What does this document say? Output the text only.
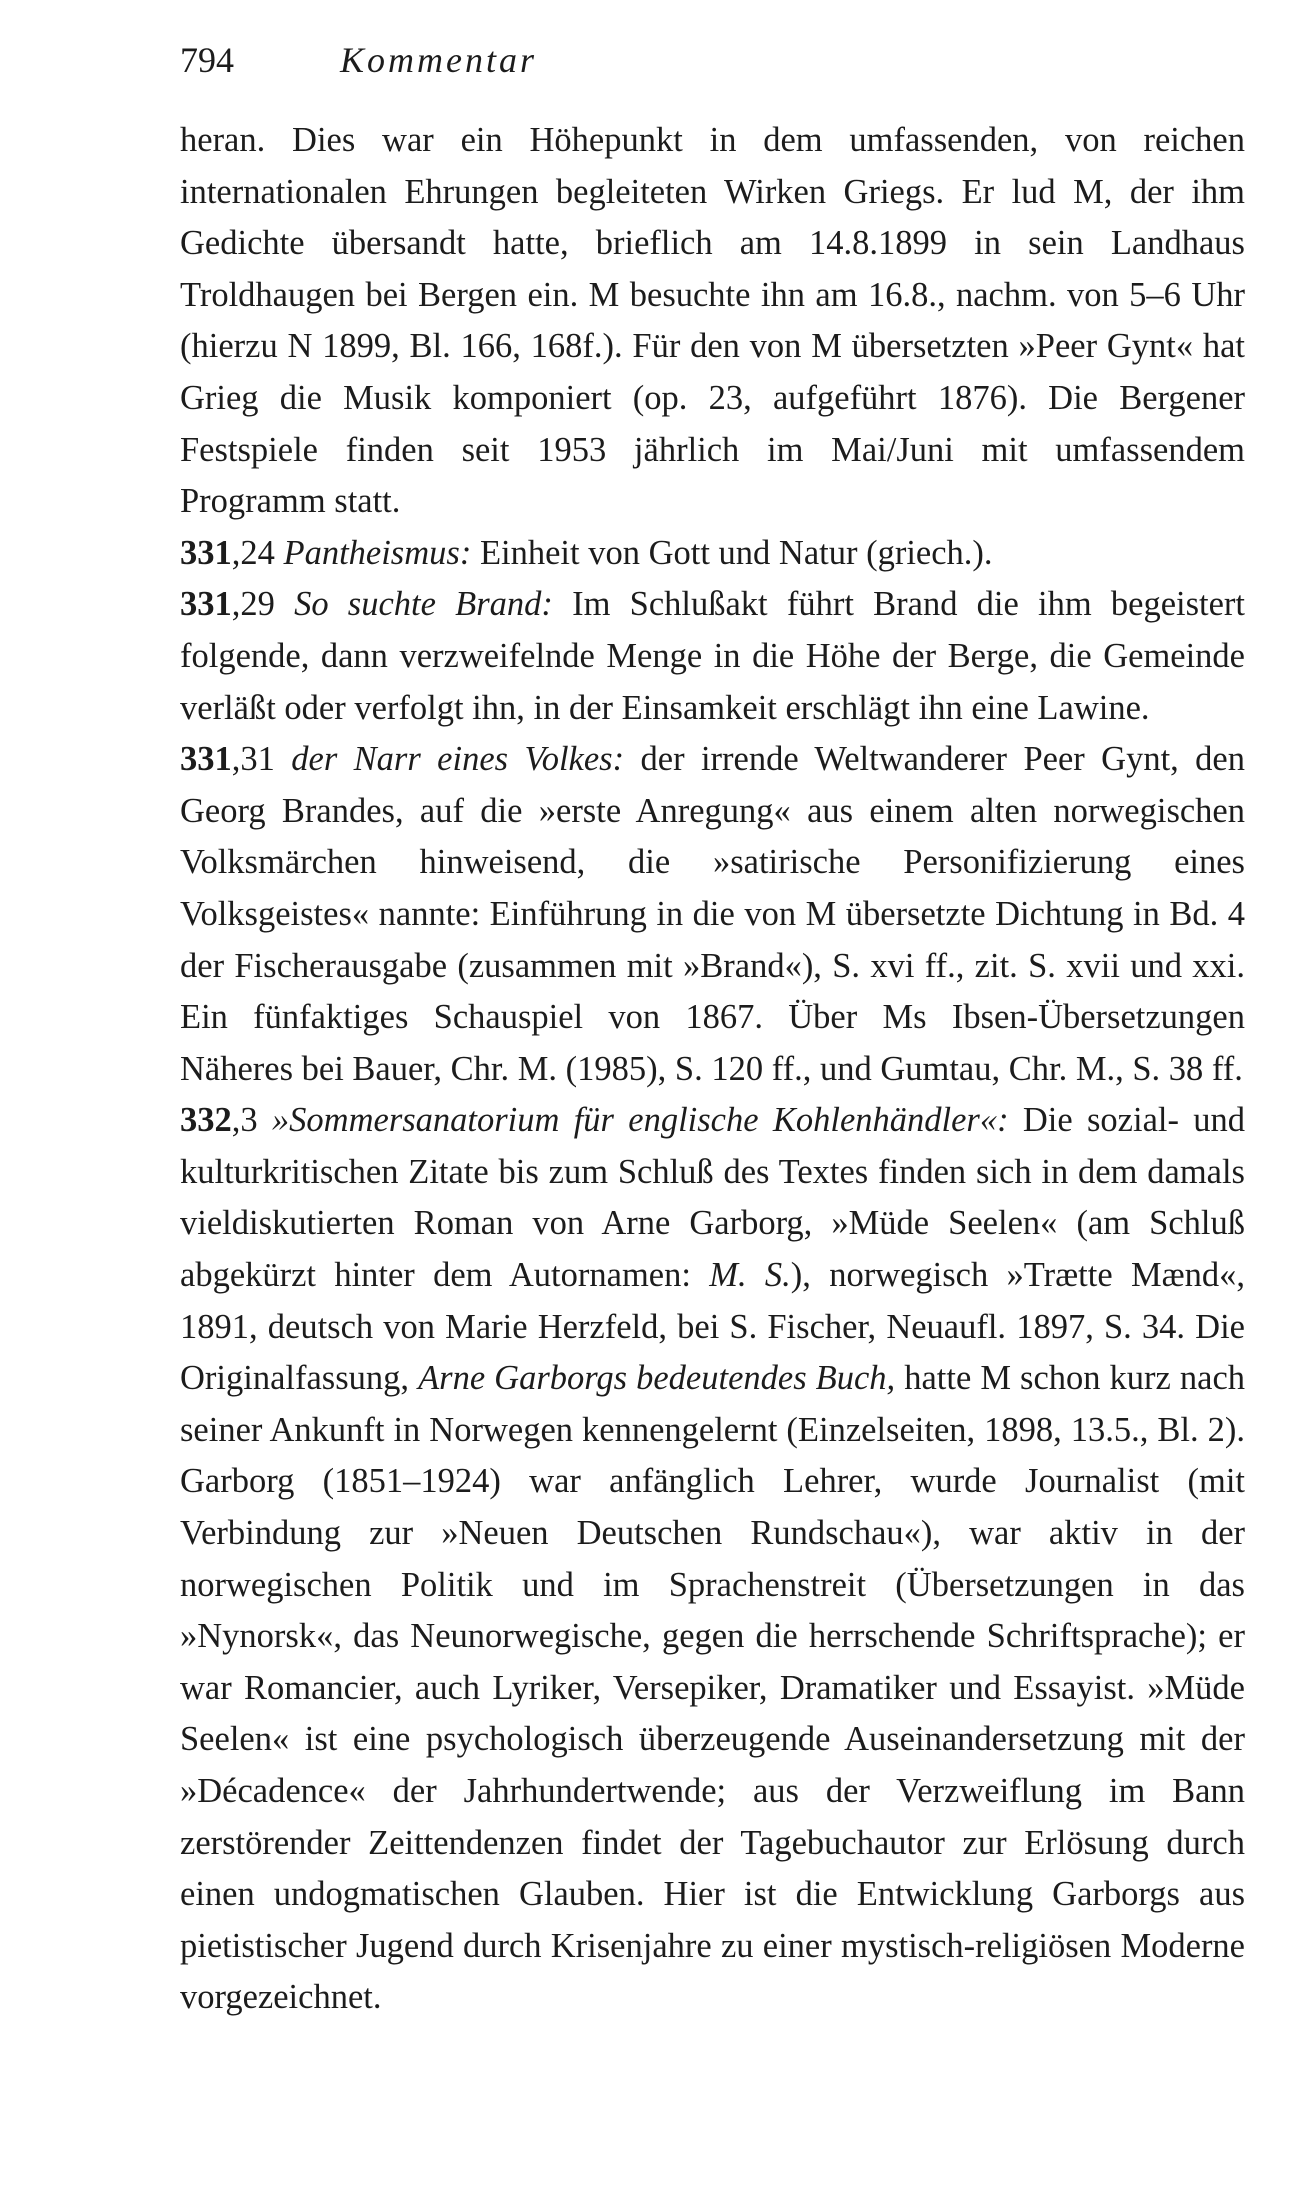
794	Kommentar

heran. Dies war ein Höhepunkt in dem umfassenden, von reichen internationalen Ehrungen begleiteten Wirken Griegs. Er lud M, der ihm Gedichte übersandt hatte, brieflich am 14.8.1899 in sein Landhaus Troldhaugen bei Bergen ein. M besuchte ihn am 16.8., nachm. von 5–6 Uhr (hierzu N 1899, Bl. 166, 168f.). Für den von M übersetzten »Peer Gynt« hat Grieg die Musik komponiert (op. 23, aufgeführt 1876). Die Bergener Festspiele finden seit 1953 jährlich im Mai/Juni mit umfassendem Programm statt.

331,24 Pantheismus: Einheit von Gott und Natur (griech.).

331,29 So suchte Brand: Im Schlußakt führt Brand die ihm begeistert folgende, dann verzweifelnde Menge in die Höhe der Berge, die Gemeinde verläßt oder verfolgt ihn, in der Einsamkeit erschlägt ihn eine Lawine.

331,31 der Narr eines Volkes: der irrende Weltwanderer Peer Gynt, den Georg Brandes, auf die »erste Anregung« aus einem alten norwegischen Volksmärchen hinweisend, die »satirische Personifizierung eines Volksgeistes« nannte: Einführung in die von M übersetzte Dichtung in Bd. 4 der Fischerausgabe (zusammen mit »Brand«), S. xvi ff., zit. S. xvii und xxi. Ein fünfaktiges Schauspiel von 1867. Über Ms Ibsen-Übersetzungen Näheres bei Bauer, Chr. M. (1985), S. 120 ff., und Gumtau, Chr. M., S. 38 ff.

332,3 »Sommersanatorium für englische Kohlenhändler«: Die sozial- und kulturkritischen Zitate bis zum Schluß des Textes finden sich in dem damals vieldiskutierten Roman von Arne Garborg, »Müde Seelen« (am Schluß abgekürzt hinter dem Autornamen: M. S.), norwegisch »Trætte Mænd«, 1891, deutsch von Marie Herzfeld, bei S. Fischer, Neuaufl. 1897, S. 34. Die Originalfassung, Arne Garborgs bedeutendes Buch, hatte M schon kurz nach seiner Ankunft in Norwegen kennengelernt (Einzelseiten, 1898, 13.5., Bl. 2). Garborg (1851–1924) war anfänglich Lehrer, wurde Journalist (mit Verbindung zur »Neuen Deutschen Rundschau«), war aktiv in der norwegischen Politik und im Sprachenstreit (Übersetzungen in das »Nynorsk«, das Neunorwegische, gegen die herrschende Schriftsprache); er war Romancier, auch Lyriker, Versepiker, Dramatiker und Essayist. »Müde Seelen« ist eine psychologisch überzeugende Auseinandersetzung mit der »Décadence« der Jahrhundertwende; aus der Verzweiflung im Bann zerstörender Zeittendenzen findet der Tagebuchautor zur Erlösung durch einen undogmatischen Glauben. Hier ist die Entwicklung Garborgs aus pietistischer Jugend durch Krisenjahre zu einer mystisch-religiösen Moderne vorgezeichnet.
